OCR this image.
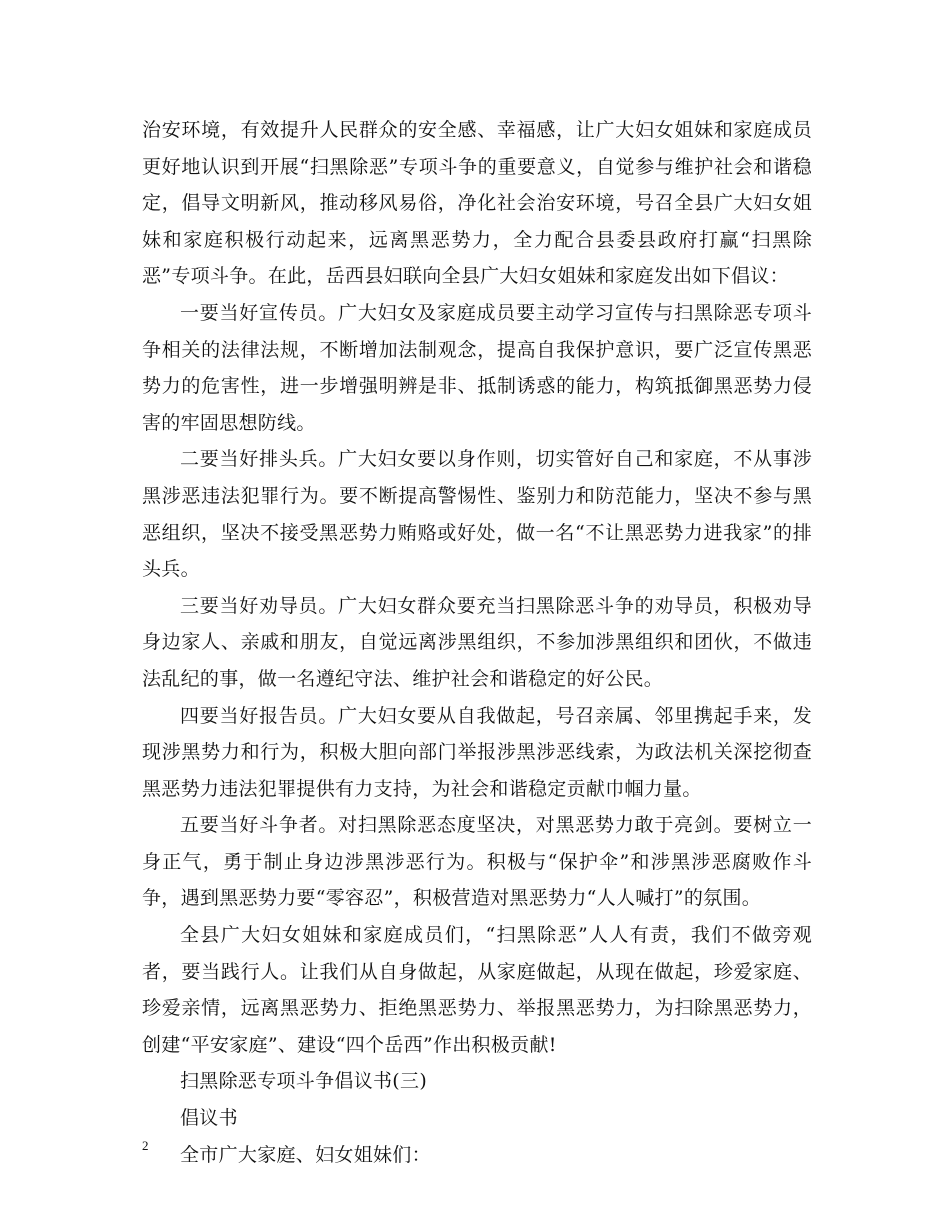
治安环境，有效提升人民群众的安全感、幸福感，让广大妇女姐妹和家庭成员更好地认识到开展“扫黑除恶”专项斗争的重要意义，自觉参与维护社会和谐稳定，倡导文明新风，推动移风易俗，净化社会治安环境，号召全县广大妇女姐妹和家庭积极行动起来，远离黑恶势力，全力配合县委县政府打赢“扫黑除恶”专项斗争。在此，岳西县妇联向全县广大妇女姐妹和家庭发出如下倡议：

一要当好宣传员。广大妇女及家庭成员要主动学习宣传与扫黑除恶专项斗争相关的法律法规，不断增加法制观念，提高自我保护意识，要广泛宣传黑恶势力的危害性，进一步增强明辨是非、抵制诱惑的能力，构筑抵御黑恶势力侵害的牢固思想防线。

二要当好排头兵。广大妇女要以身作则，切实管好自己和家庭，不从事涉黑涉恶违法犯罪行为。要不断提高警惕性、鉴别力和防范能力，坚决不参与黑恶组织，坚决不接受黑恶势力贿赂或好处，做一名“不让黑恶势力进我家”的排头兵。

三要当好劝导员。广大妇女群众要充当扫黑除恶斗争的劝导员，积极劝导身边家人、亲戚和朋友，自觉远离涉黑组织，不参加涉黑组织和团伙，不做违法乱纪的事，做一名遵纪守法、维护社会和谐稳定的好公民。

四要当好报告员。广大妇女要从自我做起，号召亲属、邻里携起手来，发现涉黑势力和行为，积极大胆向部门举报涉黑涉恶线索，为政法机关深挖彻查黑恶势力违法犯罪提供有力支持，为社会和谐稳定贡献巾帼力量。

五要当好斗争者。对扫黑除恶态度坚决，对黑恶势力敢于亮剑。要树立一身正气，勇于制止身边涉黑涉恶行为。积极与“保护伞”和涉黑涉恶腐败作斗争，遇到黑恶势力要“零容忍”，积极营造对黑恶势力“人人喊打”的氛围。

全县广大妇女姐妹和家庭成员们，“扫黑除恶”人人有责，我们不做旁观者，要当践行人。让我们从自身做起，从家庭做起，从现在做起，珍爱家庭、珍爱亲情，远离黑恶势力、拒绝黑恶势力、举报黑恶势力，为扫除黑恶势力，创建“平安家庭”、建设“四个岳西”作出积极贡献!

扫黑除恶专项斗争倡议书(三)

倡议书

全市广大家庭、妇女姐妹们：

2
